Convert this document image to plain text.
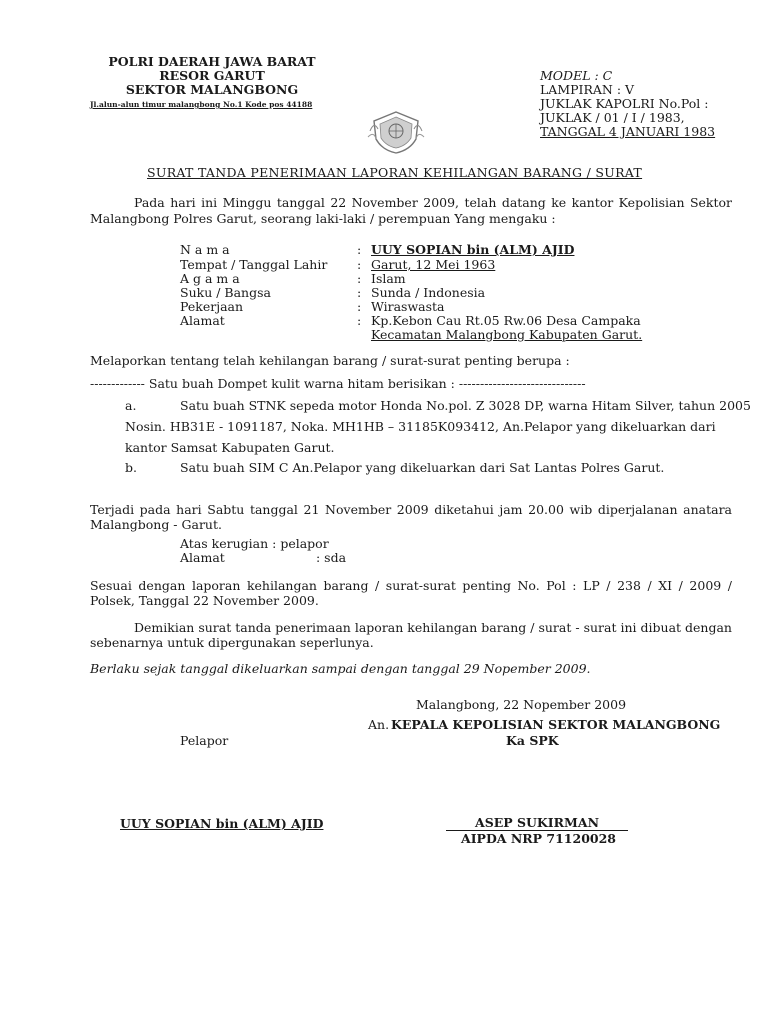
POLRI DAERAH JAWA BARAT
RESOR GARUT
SEKTOR MALANGBONG
Jl.alun-alun timur malangbong No.1 Kode pos 44188
MODEL : C
LAMPIRAN : V
JUKLAK KAPOLRI No.Pol :
JUKLAK / 01 / I / 1983,
TANGGAL 4 JANUARI 1983
SURAT TANDA PENERIMAAN LAPORAN KEHILANGAN BARANG / SURAT
Pada hari ini Minggu tanggal 22 November 2009, telah datang ke kantor Kepolisian Sektor Malangbong Polres Garut, seorang laki-laki / perempuan Yang mengaku :
N a m a	: UUY SOPIAN bin (ALM) AJID
Tempat / Tanggal Lahir : Garut, 12 Mei 1963
A g a m a	: Islam
Suku / Bangsa	: Sunda / Indonesia
Pekerjaan	: Wiraswasta
Alamat	: Kp.Kebon Cau Rt.05 Rw.06 Desa Campaka
Kecamatan Malangbong Kabupaten Garut.
Melaporkan tentang telah kehilangan barang / surat-surat penting berupa :
------------- Satu buah Dompet kulit warna hitam berisikan : ------------------------------
a.	Satu buah STNK sepeda motor Honda No.pol. Z 3028 DP, warna Hitam Silver, tahun 2005
Nosin. HB31E - 1091187, Noka. MH1HB – 31185K093412, An.Pelapor yang dikeluarkan dari
kantor Samsat Kabupaten Garut.
b.	Satu buah SIM C An.Pelapor yang dikeluarkan dari Sat Lantas Polres Garut.
Terjadi pada hari Sabtu tanggal 21 November 2009 diketahui jam 20.00 wib diperjalanan anatara Malangbong - Garut.
Atas kerugian : pelapor
Alamat	: sda
Sesuai dengan laporan kehilangan barang / surat-surat penting No. Pol : LP / 238 / XI / 2009 / Polsek, Tanggal 22 November 2009.
Demikian surat tanda penerimaan laporan kehilangan barang / surat - surat ini dibuat dengan sebenarnya untuk dipergunakan seperlunya.
Berlaku sejak tanggal dikeluarkan sampai dengan tanggal 29 Nopember 2009.
Malangbong, 22 Nopember 2009
An. KEPALA KEPOLISIAN SEKTOR MALANGBONG
Ka SPK
Pelapor
UUY SOPIAN bin (ALM) AJID	ASEP SUKIRMAN
AIPDA NRP 71120028
